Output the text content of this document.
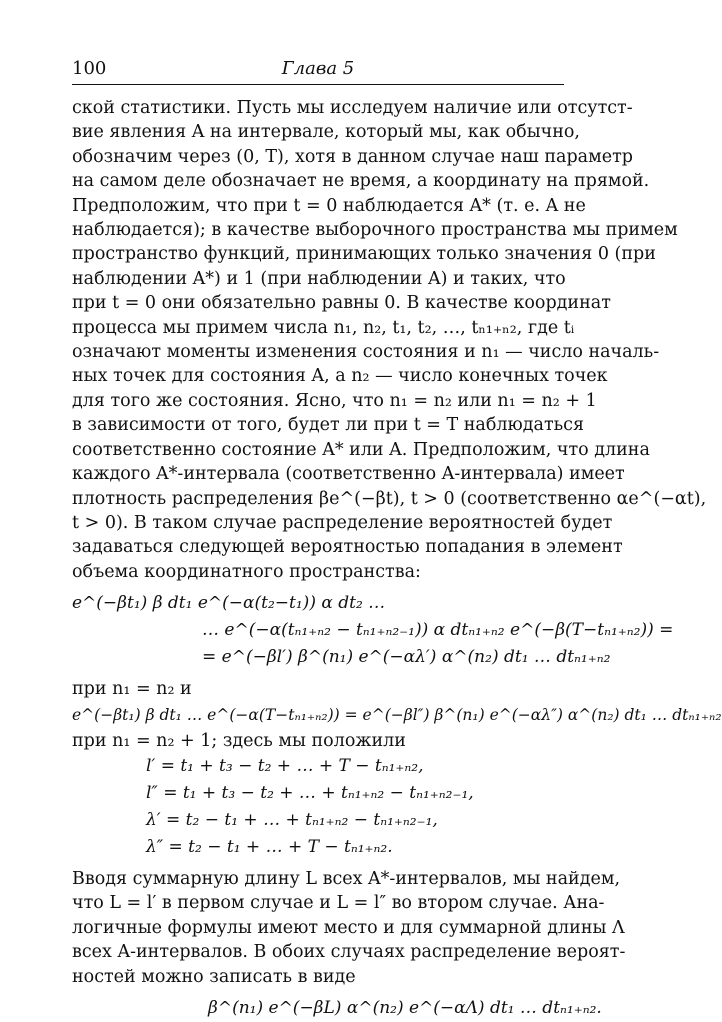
100	Глава 5
ской статистики. Пусть мы исследуем наличие или отсутст-
вие явления A на интервале, который мы, как обычно,
обозначим через (0, T), хотя в данном случае наш параметр
на самом деле обозначает не время, а координату на прямой.
Предположим, что при t = 0 наблюдается A* (т. е. A не
наблюдается); в качестве выборочного пространства мы примем
пространство функций, принимающих только значения 0 (при
наблюдении A*) и 1 (при наблюдении A) и таких, что
при t = 0 они обязательно равны 0. В качестве координат
процесса мы примем числа n₁, n₂, t₁, t₂, …, tₙ₁₊ₙ₂, где tᵢ
означают моменты изменения состояния и n₁ — число началь-
ных точек для состояния A, а n₂ — число конечных точек
для того же состояния. Ясно, что n₁ = n₂ или n₁ = n₂ + 1
в зависимости от того, будет ли при t = T наблюдаться
соответственно состояние A* или A. Предположим, что длина
каждого A*-интервала (соответственно A-интервала) имеет
плотность распределения βe^(−βt), t > 0 (соответственно αe^(−αt),
t > 0). В таком случае распределение вероятностей будет
задаваться следующей вероятностью попадания в элемент
объема координатного пространства:
e^(−βt₁) β dt₁ e^(−α(t₂−t₁)) α dt₂ …
… e^(−α(tₙ₁₊ₙ₂ − tₙ₁₊ₙ₂₋₁)) α dtₙ₁₊ₙ₂ e^(−β(T−tₙ₁₊ₙ₂)) =
= e^(−βl′) β^(n₁) e^(−αλ′) α^(n₂) dt₁ … dtₙ₁₊ₙ₂
при n₁ = n₂ и
e^(−βt₁) β dt₁ … e^(−α(T−tₙ₁₊ₙ₂)) = e^(−βl″) β^(n₁) e^(−αλ″) α^(n₂) dt₁ … dtₙ₁₊ₙ₂
при n₁ = n₂ + 1; здесь мы положили
l′ = t₁ + t₃ − t₂ + … + T − tₙ₁₊ₙ₂,
l″ = t₁ + t₃ − t₂ + … + tₙ₁₊ₙ₂ − tₙ₁₊ₙ₂₋₁,
λ′ = t₂ − t₁ + … + tₙ₁₊ₙ₂ − tₙ₁₊ₙ₂₋₁,
λ″ = t₂ − t₁ + … + T − tₙ₁₊ₙ₂.
Вводя суммарную длину L всех A*-интервалов, мы найдем,
что L = l′ в первом случае и L = l″ во втором случае. Ана-
логичные формулы имеют место и для суммарной длины Λ
всех A-интервалов. В обоих случаях распределение вероят-
ностей можно записать в виде
β^(n₁) e^(−βL) α^(n₂) e^(−αΛ) dt₁ … dtₙ₁₊ₙ₂.
